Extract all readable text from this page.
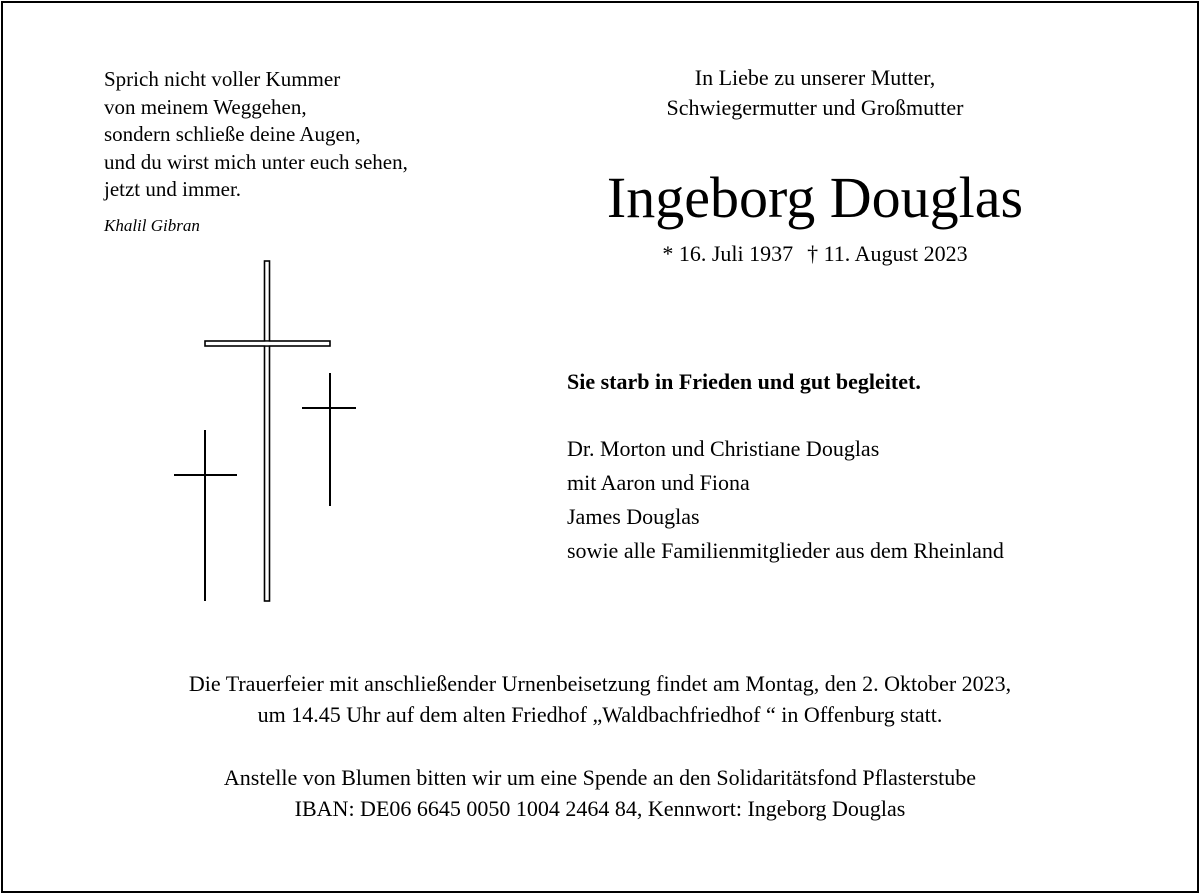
Sprich nicht voller Kummer
von meinem Weggehen,
sondern schließe deine Augen,
und du wirst mich unter euch sehen,
jetzt und immer.
Khalil Gibran
In Liebe zu unserer Mutter,
Schwiegermutter und Großmutter
Ingeborg Douglas
* 16. Juli 1937 † 11. August 2023
Sie starb in Frieden und gut begleitet.
Dr. Morton und Christiane Douglas
mit Aaron und Fiona
James Douglas
sowie alle Familienmitglieder aus dem Rheinland
Die Trauerfeier mit anschließender Urnenbeisetzung findet am Montag, den 2. Oktober 2023,
um 14.45 Uhr auf dem alten Friedhof „Waldbachfriedhof “ in Offenburg statt.
Anstelle von Blumen bitten wir um eine Spende an den Solidaritätsfond Pflasterstube
IBAN: DE06 6645 0050 1004 2464 84, Kennwort: Ingeborg Douglas
